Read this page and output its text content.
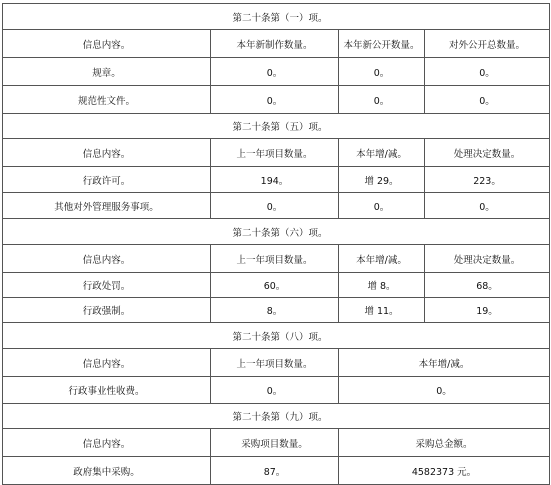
第二十条第（一）项。			
信息内容。	本年新制作数量。	本年新公开数量。	对外公开总数量。
规章。	0。	0。	0。
规范性文件。	0。	0。	0。
第二十条第（五）项。			
信息内容。	上一年项目数量。	本年增/减。	处理决定数量。
行政许可。	194。	增 29。	223。
其他对外管理服务事项。	0。	0。	0。
第二十条第（六）项。			
信息内容。	上一年项目数量。	本年增/减。	处理决定数量。
行政处罚。	60。	增 8。	68。
行政强制。	8。	增 11。	19。
第二十条第（八）项。			
信息内容。	上一年项目数量。	本年增/减。	
行政事业性收费。	0。	0。	
第二十条第（九）项。			
信息内容。	采购项目数量。	采购总金额。	
政府集中采购。	87。	4582373 元。	
